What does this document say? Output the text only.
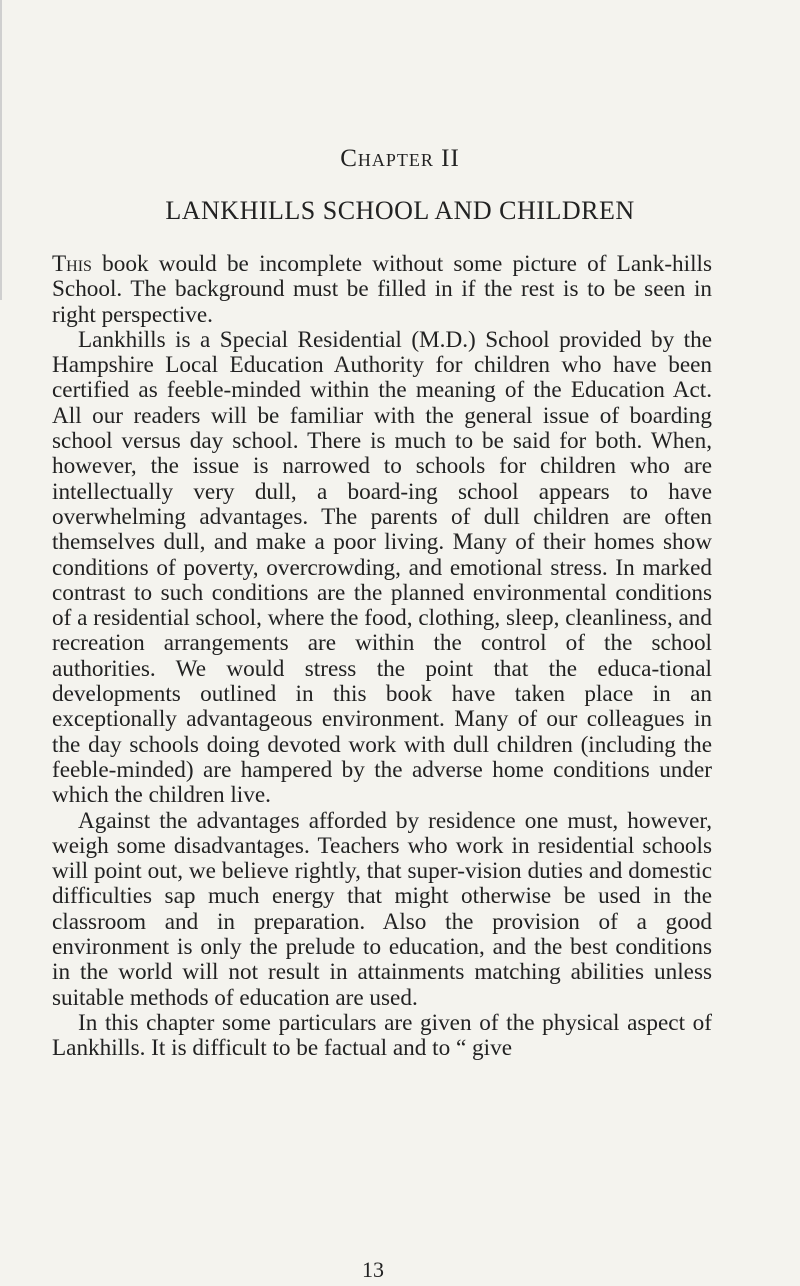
Chapter II
LANKHILLS SCHOOL AND CHILDREN

This book would be incomplete without some picture of Lank-hills School. The background must be filled in if the rest is to be seen in right perspective.

Lankhills is a Special Residential (M.D.) School provided by the Hampshire Local Education Authority for children who have been certified as feeble-minded within the meaning of the Education Act. All our readers will be familiar with the general issue of boarding school versus day school. There is much to be said for both. When, however, the issue is narrowed to schools for children who are intellectually very dull, a board-ing school appears to have overwhelming advantages. The parents of dull children are often themselves dull, and make a poor living. Many of their homes show conditions of poverty, overcrowding, and emotional stress. In marked contrast to such conditions are the planned environmental conditions of a residential school, where the food, clothing, sleep, cleanliness, and recreation arrangements are within the control of the school authorities. We would stress the point that the educa-tional developments outlined in this book have taken place in an exceptionally advantageous environment. Many of our colleagues in the day schools doing devoted work with dull children (including the feeble-minded) are hampered by the adverse home conditions under which the children live.

Against the advantages afforded by residence one must, however, weigh some disadvantages. Teachers who work in residential schools will point out, we believe rightly, that super-vision duties and domestic difficulties sap much energy that might otherwise be used in the classroom and in preparation. Also the provision of a good environment is only the prelude to education, and the best conditions in the world will not result in attainments matching abilities unless suitable methods of education are used.

In this chapter some particulars are given of the physical aspect of Lankhills. It is difficult to be factual and to “ give

13
